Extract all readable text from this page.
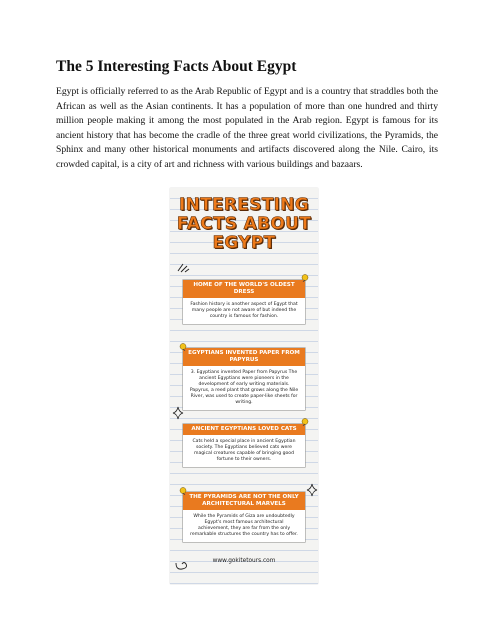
The 5 Interesting Facts About Egypt

Egypt is officially referred to as the Arab Republic of Egypt and is a country that straddles both the African as well as the Asian continents. It has a population of more than one hundred and thirty million people making it among the most populated in the Arab region. Egypt is famous for its ancient history that has become the cradle of the three great world civilizations, the Pyramids, the Sphinx and many other historical monuments and artifacts discovered along the Nile. Cairo, its crowded capital, is a city of art and richness with various buildings and bazaars.

INTERESTING
FACTS ABOUT
EGYPT
HOME OF THE WORLD'S OLDEST DRESS
Fashion history is another aspect of Egypt that many people are not aware of but indeed the country is famous for fashion.
EGYPTIANS INVENTED PAPER FROM PAPYRUS
3. Egyptians invented Paper from Papyrus The ancient Egyptians were pioneers in the development of early writing materials. Papyrus, a reed plant that grows along the Nile River, was used to create paper-like sheets for writing.
ANCIENT EGYPTIANS LOVED CATS
Cats held a special place in ancient Egyptian society. The Egyptians believed cats were magical creatures capable of bringing good fortune to their owners.
THE PYRAMIDS ARE NOT THE ONLY ARCHITECTURAL MARVELS
While the Pyramids of Giza are undoubtedly Egypt's most famous architectural achievement, they are far from the only remarkable structures the country has to offer.
www.gokitetours.com
